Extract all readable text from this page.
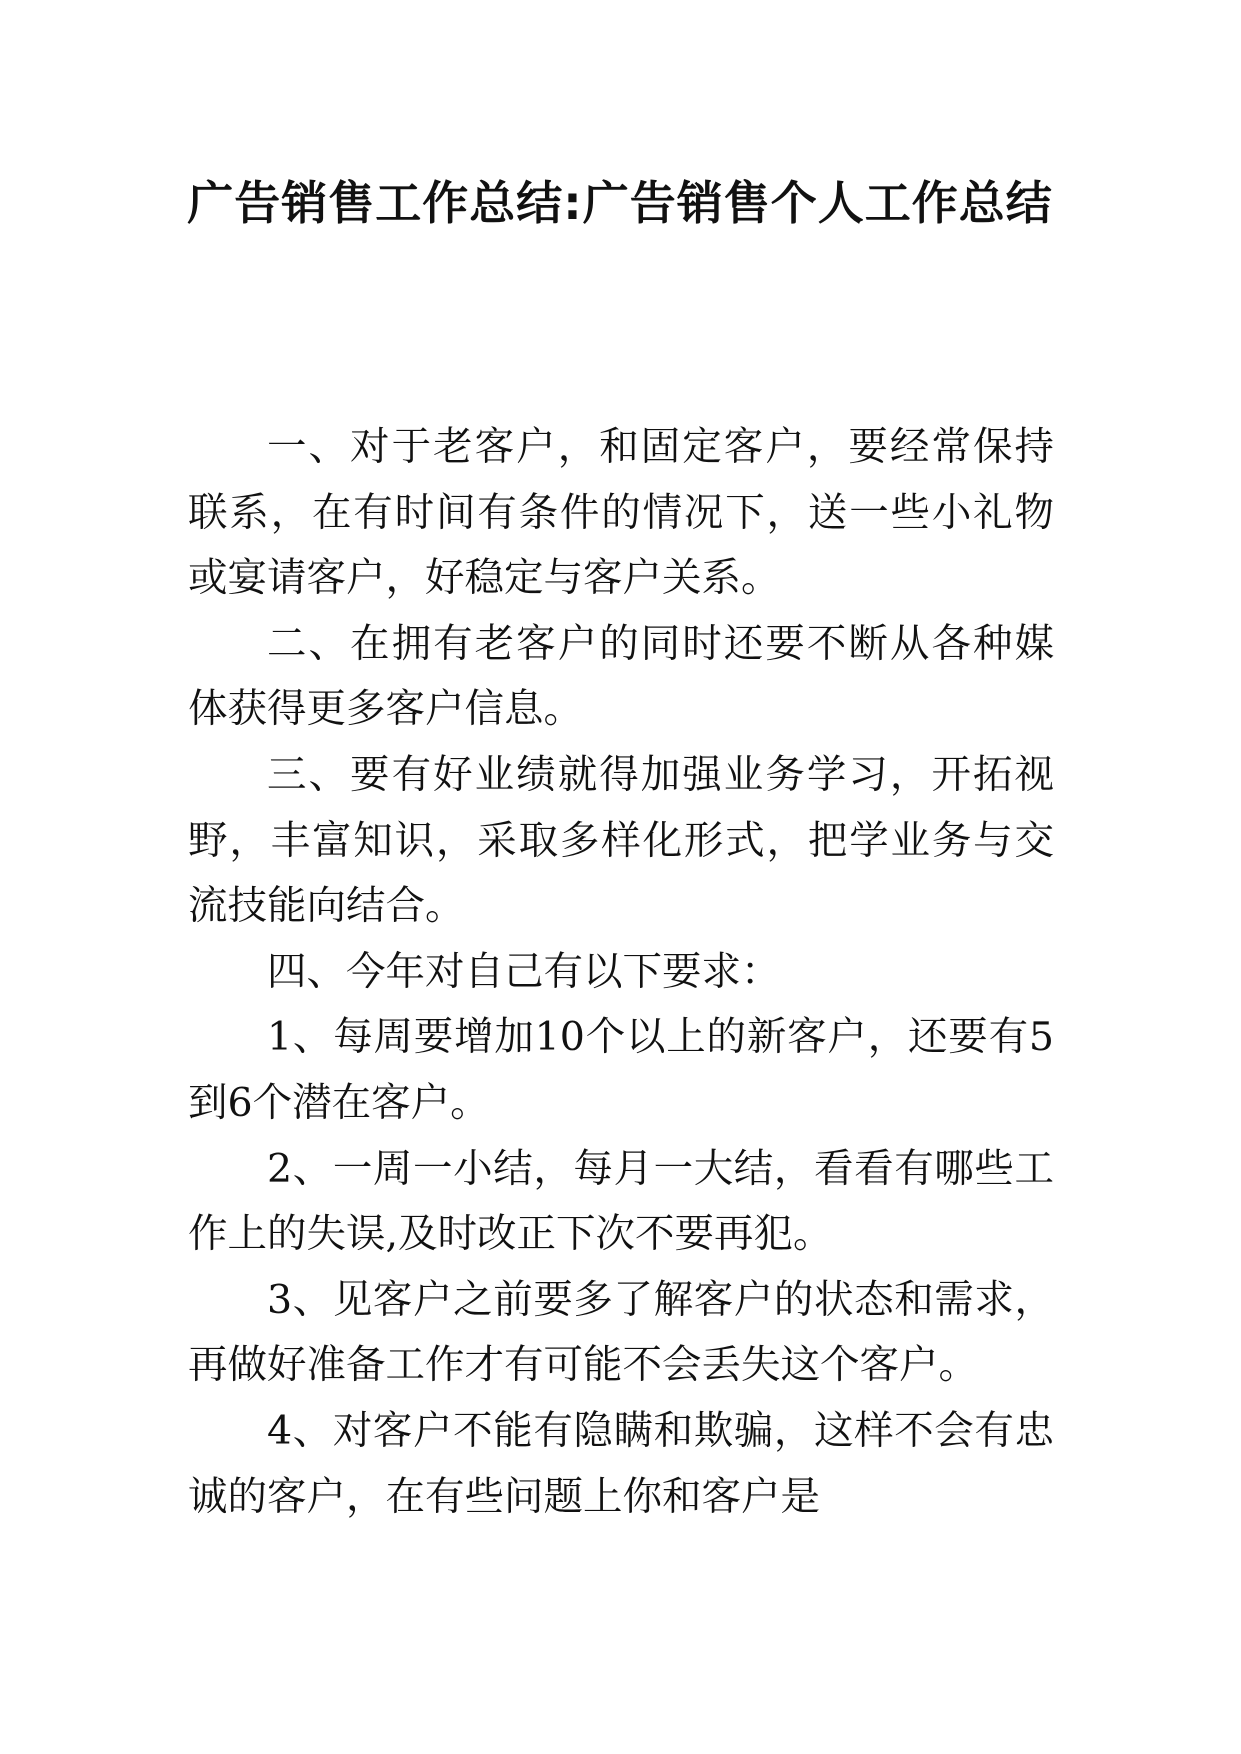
广告销售工作总结:广告销售个人工作总结

一、对于老客户，和固定客户，要经常保持联系，在有时间有条件的情况下，送一些小礼物或宴请客户，好稳定与客户关系。

二、在拥有老客户的同时还要不断从各种媒体获得更多客户信息。

三、要有好业绩就得加强业务学习，开拓视野，丰富知识，采取多样化形式，把学业务与交流技能向结合。

四、今年对自己有以下要求：

1、每周要增加10个以上的新客户，还要有5到6个潜在客户。

2、一周一小结，每月一大结，看看有哪些工作上的失误,及时改正下次不要再犯。

3、见客户之前要多了解客户的状态和需求，再做好准备工作才有可能不会丢失这个客户。

4、对客户不能有隐瞒和欺骗，这样不会有忠诚的客户，在有些问题上你和客户是
